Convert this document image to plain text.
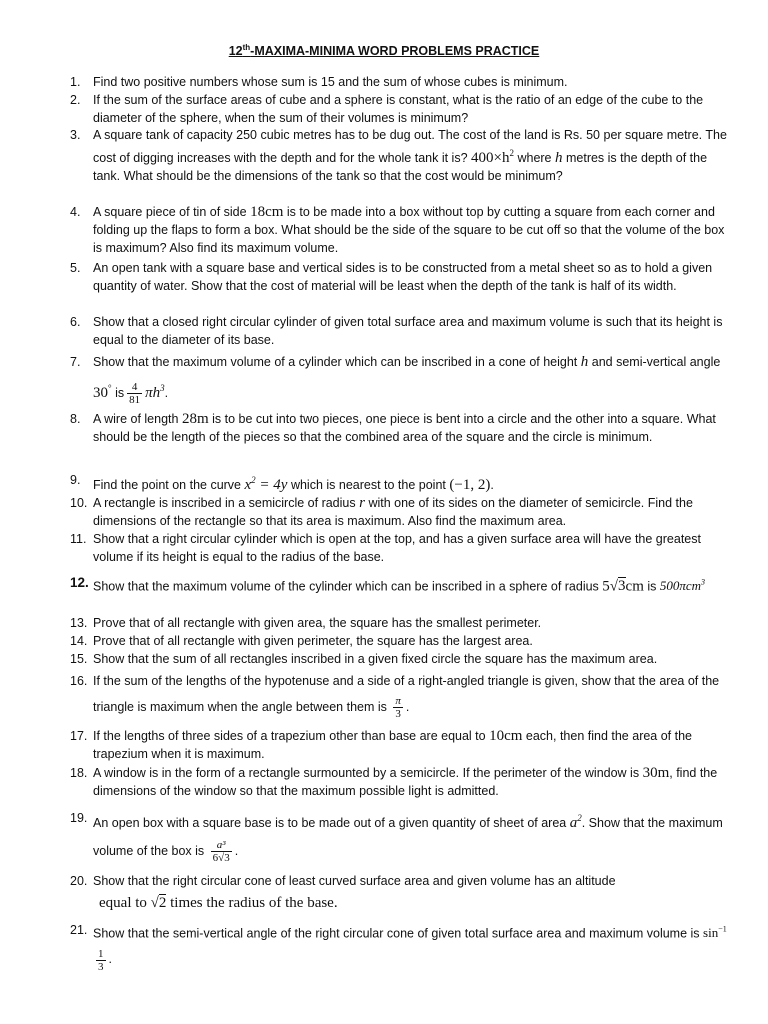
12th-MAXIMA-MINIMA WORD PROBLEMS PRACTICE
1.	Find two positive numbers whose sum is 15 and the sum of whose cubes is minimum.
2.	If the sum of the surface areas of cube and a sphere is constant, what is the ratio of an edge of the cube to the diameter of the sphere, when the sum of their volumes is minimum?
3.	A square tank of capacity 250 cubic metres has to be dug out. The cost of the land is Rs. 50 per square metre. The cost of digging increases with the depth and for the whole tank it is? $400\times h^2$ where h metres is the depth of the tank. What should be the dimensions of the tank so that the cost would be minimum?
4.	A square piece of tin of side 18cm is to be made into a box without top by cutting a square from each corner and folding up the flaps to form a box. What should be the side of the square to be cut off so that the volume of the box is maximum? Also find its maximum volume.
5.	An open tank with a square base and vertical sides is to be constructed from a metal sheet so as to hold a given quantity of water. Show that the cost of material will be least when the depth of the tank is half of its width.
6.	Show that a closed right circular cylinder of given total surface area and maximum volume is such that its height is equal to the diameter of its base.
7.	Show that the maximum volume of a cylinder which can be inscribed in a cone of height h and semi-vertical angle 30° is $\frac{4}{81} \pi h^3$.
8.	A wire of length 28m is to be cut into two pieces, one piece is bent into a circle and the other into a square. What should be the length of the pieces so that the combined area of the square and the circle is minimum.
9.	Find the point on the curve $x^2 = 4y$ which is nearest to the point (−1, 2).
10. A rectangle is inscribed in a semicircle of radius r with one of its sides on the diameter of semicircle. Find the dimensions of the rectangle so that its area is maximum. Also find the maximum area.
11. Show that a right circular cylinder which is open at the top, and has a given surface area will have the greatest volume if its height is equal to the radius of the base.
12. Show that the maximum volume of the cylinder which can be inscribed in a sphere of radius 5√3cm is 500πcm$^3$
13. Prove that of all rectangle with given area, the square has the smallest perimeter.
14. Prove that of all rectangle with given perimeter, the square has the largest area.
15. Show that the sum of all rectangles inscribed in a given fixed circle the square has the maximum area.
16. If the sum of the lengths of the hypotenuse and a side of a right-angled triangle is given, show that the area of the triangle is maximum when the angle between them is $\frac{\pi}{3}$ .
17. If the lengths of three sides of a trapezium other than base are equal to 10cm each, then find the area of the trapezium when it is maximum.
18. A window is in the form of a rectangle surmounted by a semicircle. If the perimeter of the window is 30m, find the dimensions of the window so that the maximum possible light is admitted.
19. An open box with a square base is to be made out of a given quantity of sheet of area $a^2$. Show that the maximum volume of the box is $\frac{\text{a³}}{6√3}$ .
20. Show that the right circular cone of least curved surface area and given volume has an altitude
equal to √2 times the radius of the base.
21. Show that the semi-vertical angle of the right circular cone of given total surface area and maximum volume is $\sin^{-1}$
$\frac{1}{3}$ .
